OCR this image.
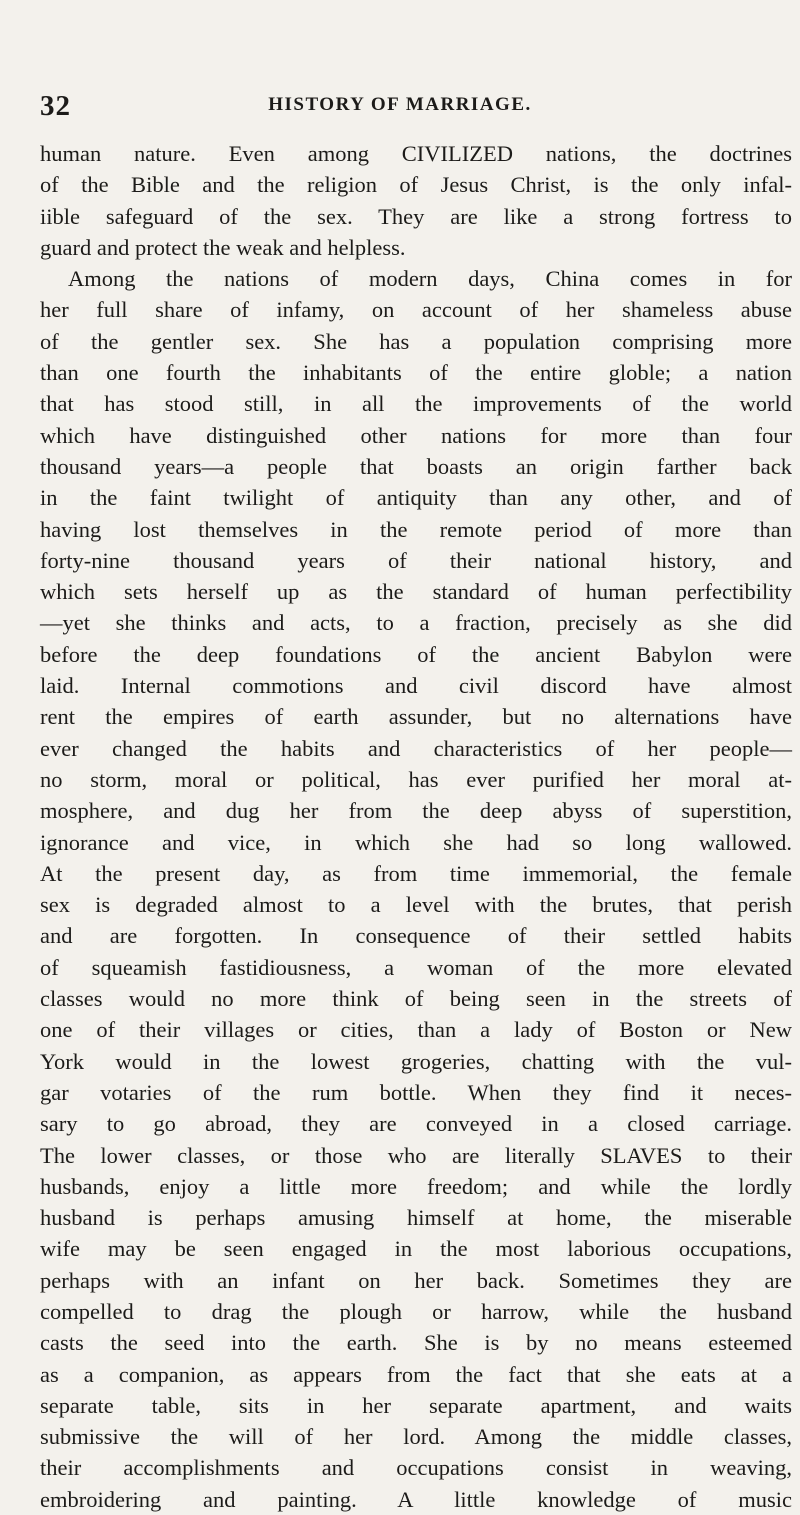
32	HISTORY OF MARRIAGE.
human nature. Even among CIVILIZED nations, the doctrines
of the Bible and the religion of Jesus Christ, is the only infal-
iible safeguard of the sex. They are like a strong fortress to
guard and protect the weak and helpless.
Among the nations of modern days, China comes in for
her full share of infamy, on account of her shameless abuse
of the gentler sex. She has a population comprising more
than one fourth the inhabitants of the entire globle; a nation
that has stood still, in all the improvements of the world
which have distinguished other nations for more than four
thousand years—a people that boasts an origin farther back
in the faint twilight of antiquity than any other, and of
having lost themselves in the remote period of more than
forty-nine thousand years of their national history, and
which sets herself up as the standard of human perfectibility
—yet she thinks and acts, to a fraction, precisely as she did
before the deep foundations of the ancient Babylon were
laid. Internal commotions and civil discord have almost
rent the empires of earth assunder, but no alternations have
ever changed the habits and characteristics of her people—
no storm, moral or political, has ever purified her moral at-
mosphere, and dug her from the deep abyss of superstition,
ignorance and vice, in which she had so long wallowed.
At the present day, as from time immemorial, the female
sex is degraded almost to a level with the brutes, that perish
and are forgotten. In consequence of their settled habits
of squeamish fastidiousness, a woman of the more elevated
classes would no more think of being seen in the streets of
one of their villages or cities, than a lady of Boston or New
York would in the lowest grogeries, chatting with the vul-
gar votaries of the rum bottle. When they find it neces-
sary to go abroad, they are conveyed in a closed carriage.
The lower classes, or those who are literally SLAVES to their
husbands, enjoy a little more freedom; and while the lordly
husband is perhaps amusing himself at home, the miserable
wife may be seen engaged in the most laborious occupations,
perhaps with an infant on her back. Sometimes they are
compelled to drag the plough or harrow, while the husband
casts the seed into the earth. She is by no means esteemed
as a companion, as appears from the fact that she eats at a
separate table, sits in her separate apartment, and waits
submissive the will of her lord. Among the middle classes,
their accomplishments and occupations consist in weaving,
embroidering and painting. A little knowledge of music
